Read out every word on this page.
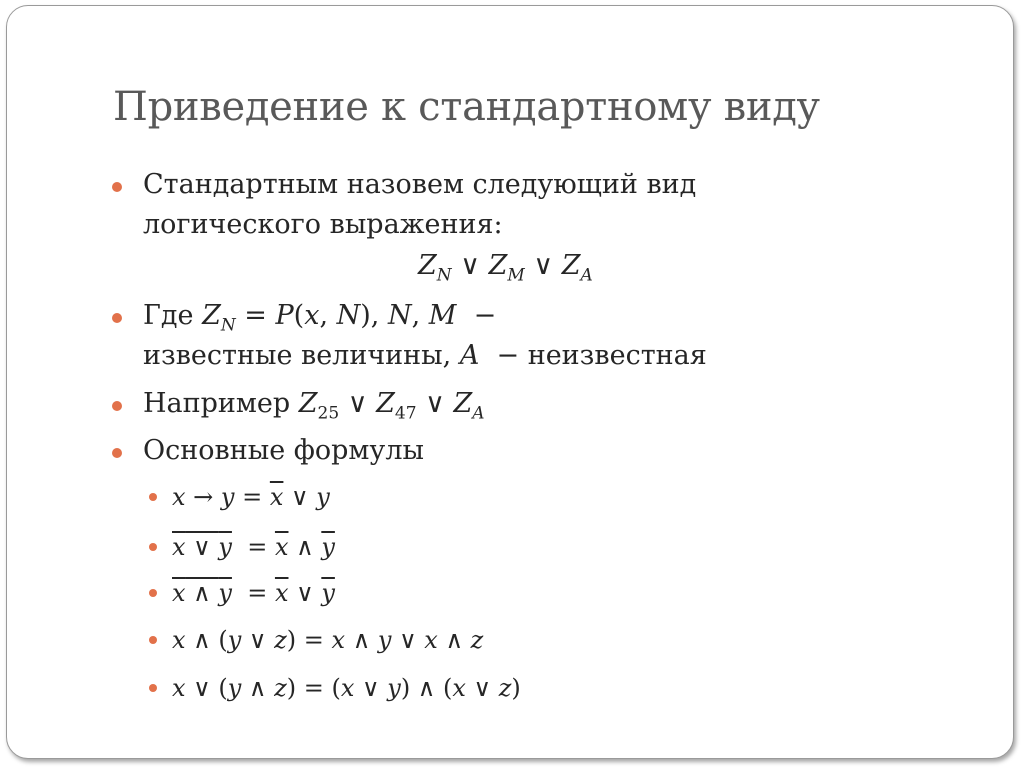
Приведение к стандартному виду
Стандартным назовем следующий вид
логического выражения:
$Z_N$ ∨ $Z_M$ ∨ $Z_A$
Где $Z_N = P(x$, N), N, M  −
известные величины, A  − неизвестная
Например $Z_{25}$ ∨ $Z_{47}$ ∨ $Z_A$
Основные формулы
$x \to y = \overline{x}$ ∨ y
x ∨ $y = \overline{x}$ ∧ $\overline{y}$
x ∧ $y = \overline{x}$ ∨ $\overline{y}$
x ∧ (y ∨ z) = x ∧ y ∨ x ∧ z
x ∨ (y ∧ z) = (x ∨ y) ∧ (x ∨ z)
